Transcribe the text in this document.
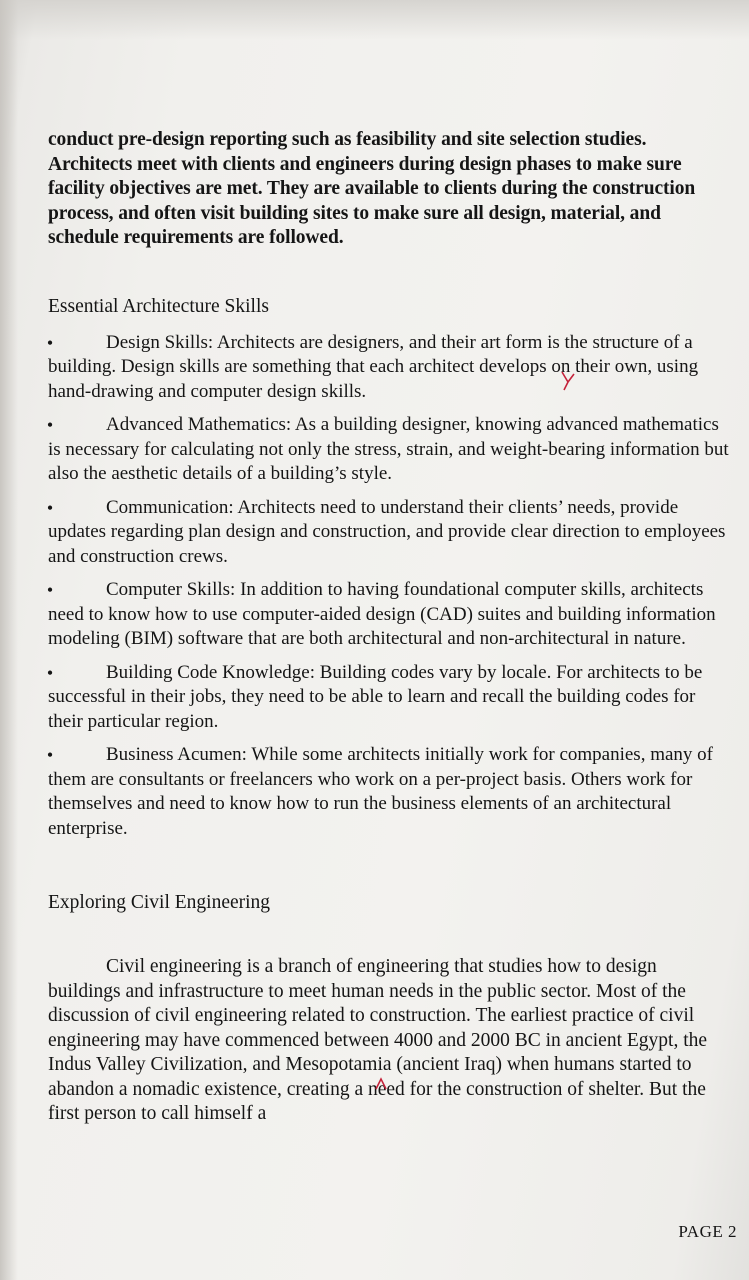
conduct pre-design reporting such as feasibility and site selection studies. Architects meet with clients and engineers during design phases to make sure facility objectives are met. They are available to clients during the construction process, and often visit building sites to make sure all design, material, and schedule requirements are followed.

Essential Architecture Skills
•	Design Skills: Architects are designers, and their art form is the structure of a building. Design skills are something that each architect develops on their own, using hand-drawing and computer design skills.
•	Advanced Mathematics: As a building designer, knowing advanced mathematics is necessary for calculating not only the stress, strain, and weight-bearing information but also the aesthetic details of a building’s style.
•	Communication: Architects need to understand their clients’ needs, provide updates regarding plan design and construction, and provide clear direction to employees and construction crews.
•	Computer Skills: In addition to having foundational computer skills, architects need to know how to use computer-aided design (CAD) suites and building information modeling (BIM) software that are both architectural and non-architectural in nature.
•	Building Code Knowledge: Building codes vary by locale. For architects to be successful in their jobs, they need to be able to learn and recall the building codes for their particular region.
•	Business Acumen: While some architects initially work for companies, many of them are consultants or freelancers who work on a per-project basis. Others work for themselves and need to know how to run the business elements of an architectural enterprise.
Exploring Civil Engineering

Civil engineering is a branch of engineering that studies how to design buildings and infrastructure to meet human needs in the public sector. Most of the discussion of civil engineering related to construction. The earliest practice of civil engineering may have commenced between 4000 and 2000 BC in ancient Egypt, the Indus Valley Civilization, and Mesopotamia (ancient Iraq) when humans started to abandon a nomadic existence, creating a need for the construction of shelter. But the first person to call himself a

PAGE 2
